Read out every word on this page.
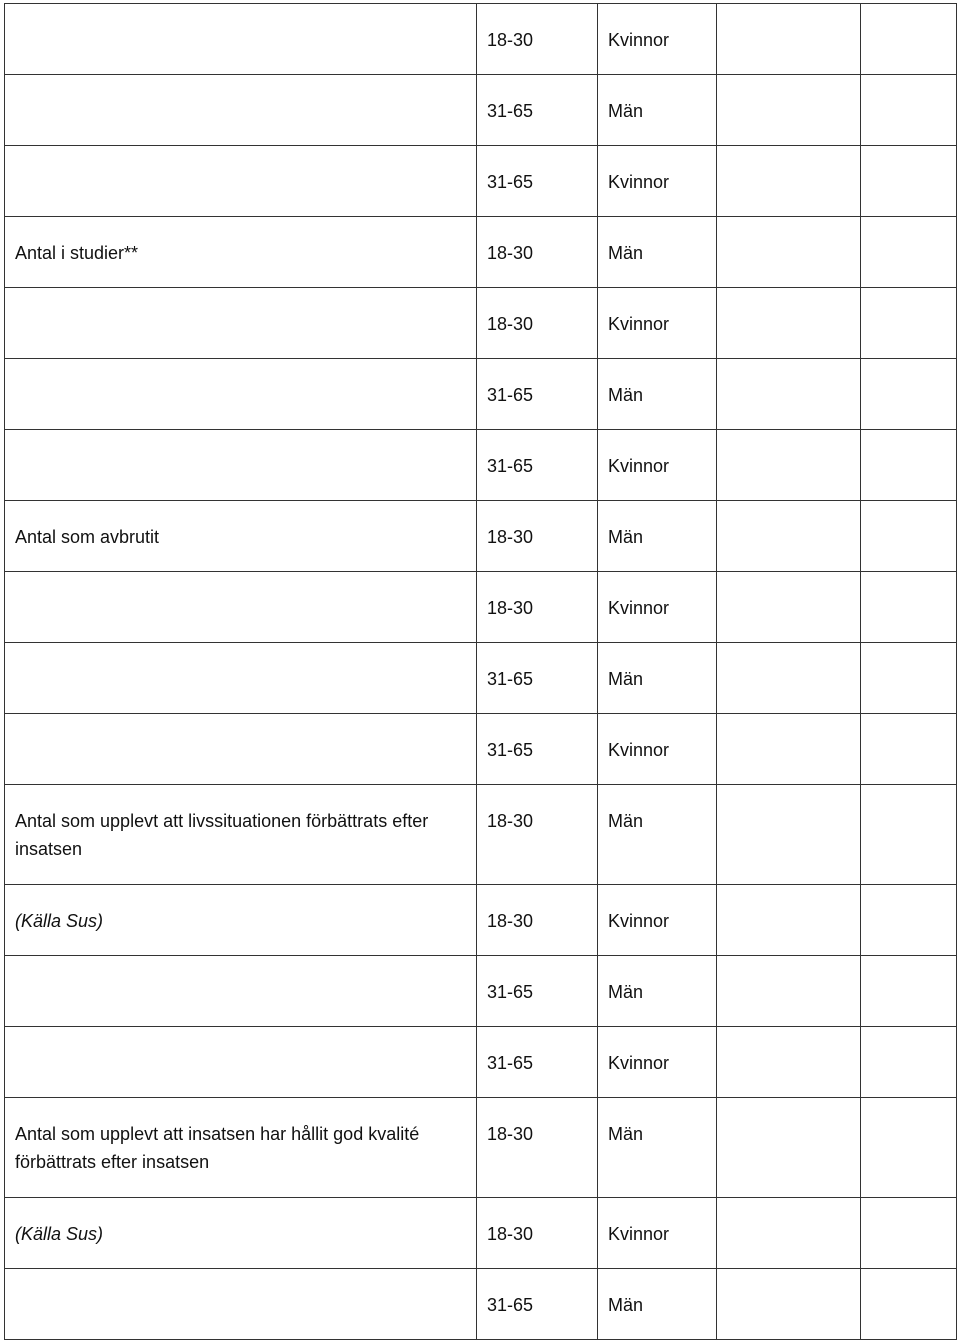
	18-30	Kvinnor		
	31-65	Män		
	31-65	Kvinnor		
Antal i studier**	18-30	Män		
	18-30	Kvinnor		
	31-65	Män		
	31-65	Kvinnor		
Antal som avbrutit	18-30	Män		
	18-30	Kvinnor		
	31-65	Män		
	31-65	Kvinnor		
Antal som upplevt att livssituationen förbättrats efter insatsen	18-30	Män		
(Källa Sus)	18-30	Kvinnor		
	31-65	Män		
	31-65	Kvinnor		
Antal som upplevt att insatsen har hållit god kvalité förbättrats efter insatsen	18-30	Män		
(Källa Sus)	18-30	Kvinnor		
	31-65	Män		
